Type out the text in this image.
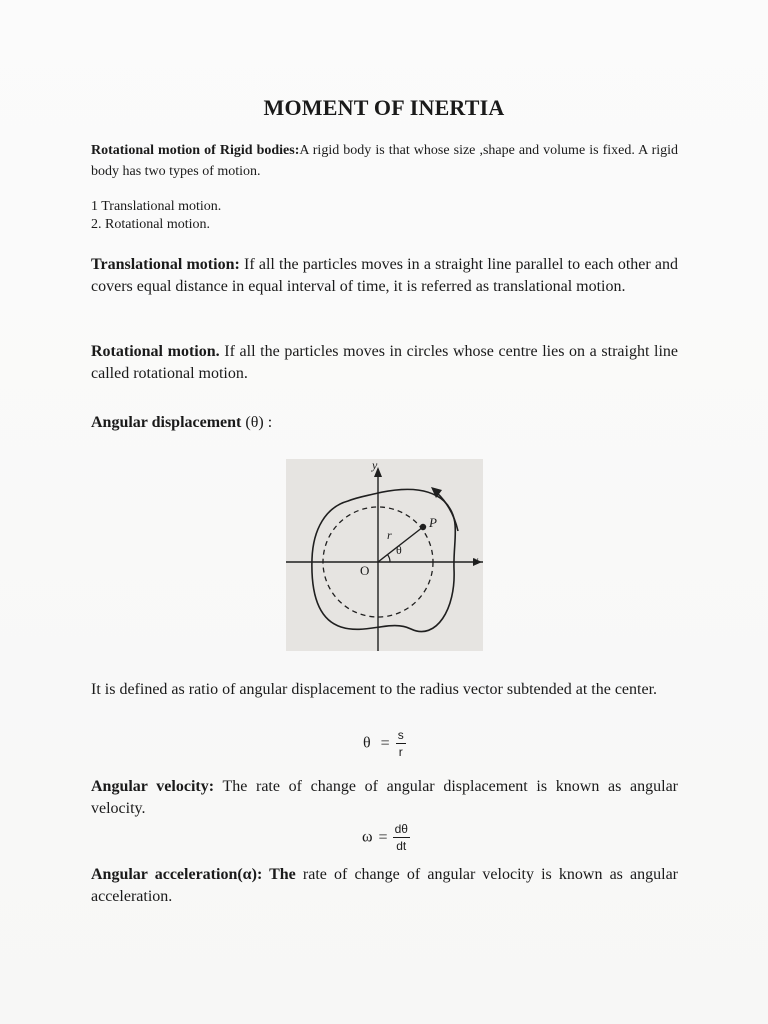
MOMENT OF INERTIA
Rotational motion of Rigid bodies:A rigid body is that whose size ,shape and volume is fixed. A rigid body has two types of motion.
1 Translational motion.
2. Rotational motion.
Translational motion: If all the particles moves in a straight line parallel to each other and covers equal distance in equal interval of time, it is referred as translational motion.
Rotational motion. If all the particles moves in circles whose centre lies on a straight line called rotational motion.
Angular displacement (θ) :
y
x
O
P
r
θ
It is defined as ratio of angular displacement to the radius vector subtended at the center.
$\theta = \frac{s}{r}$
Angular velocity: The rate of change of angular displacement is known as angular velocity.
$\omega = \frac{d\theta}{dt}$
Angular acceleration(α): The rate of change of angular velocity is known as angular acceleration.
